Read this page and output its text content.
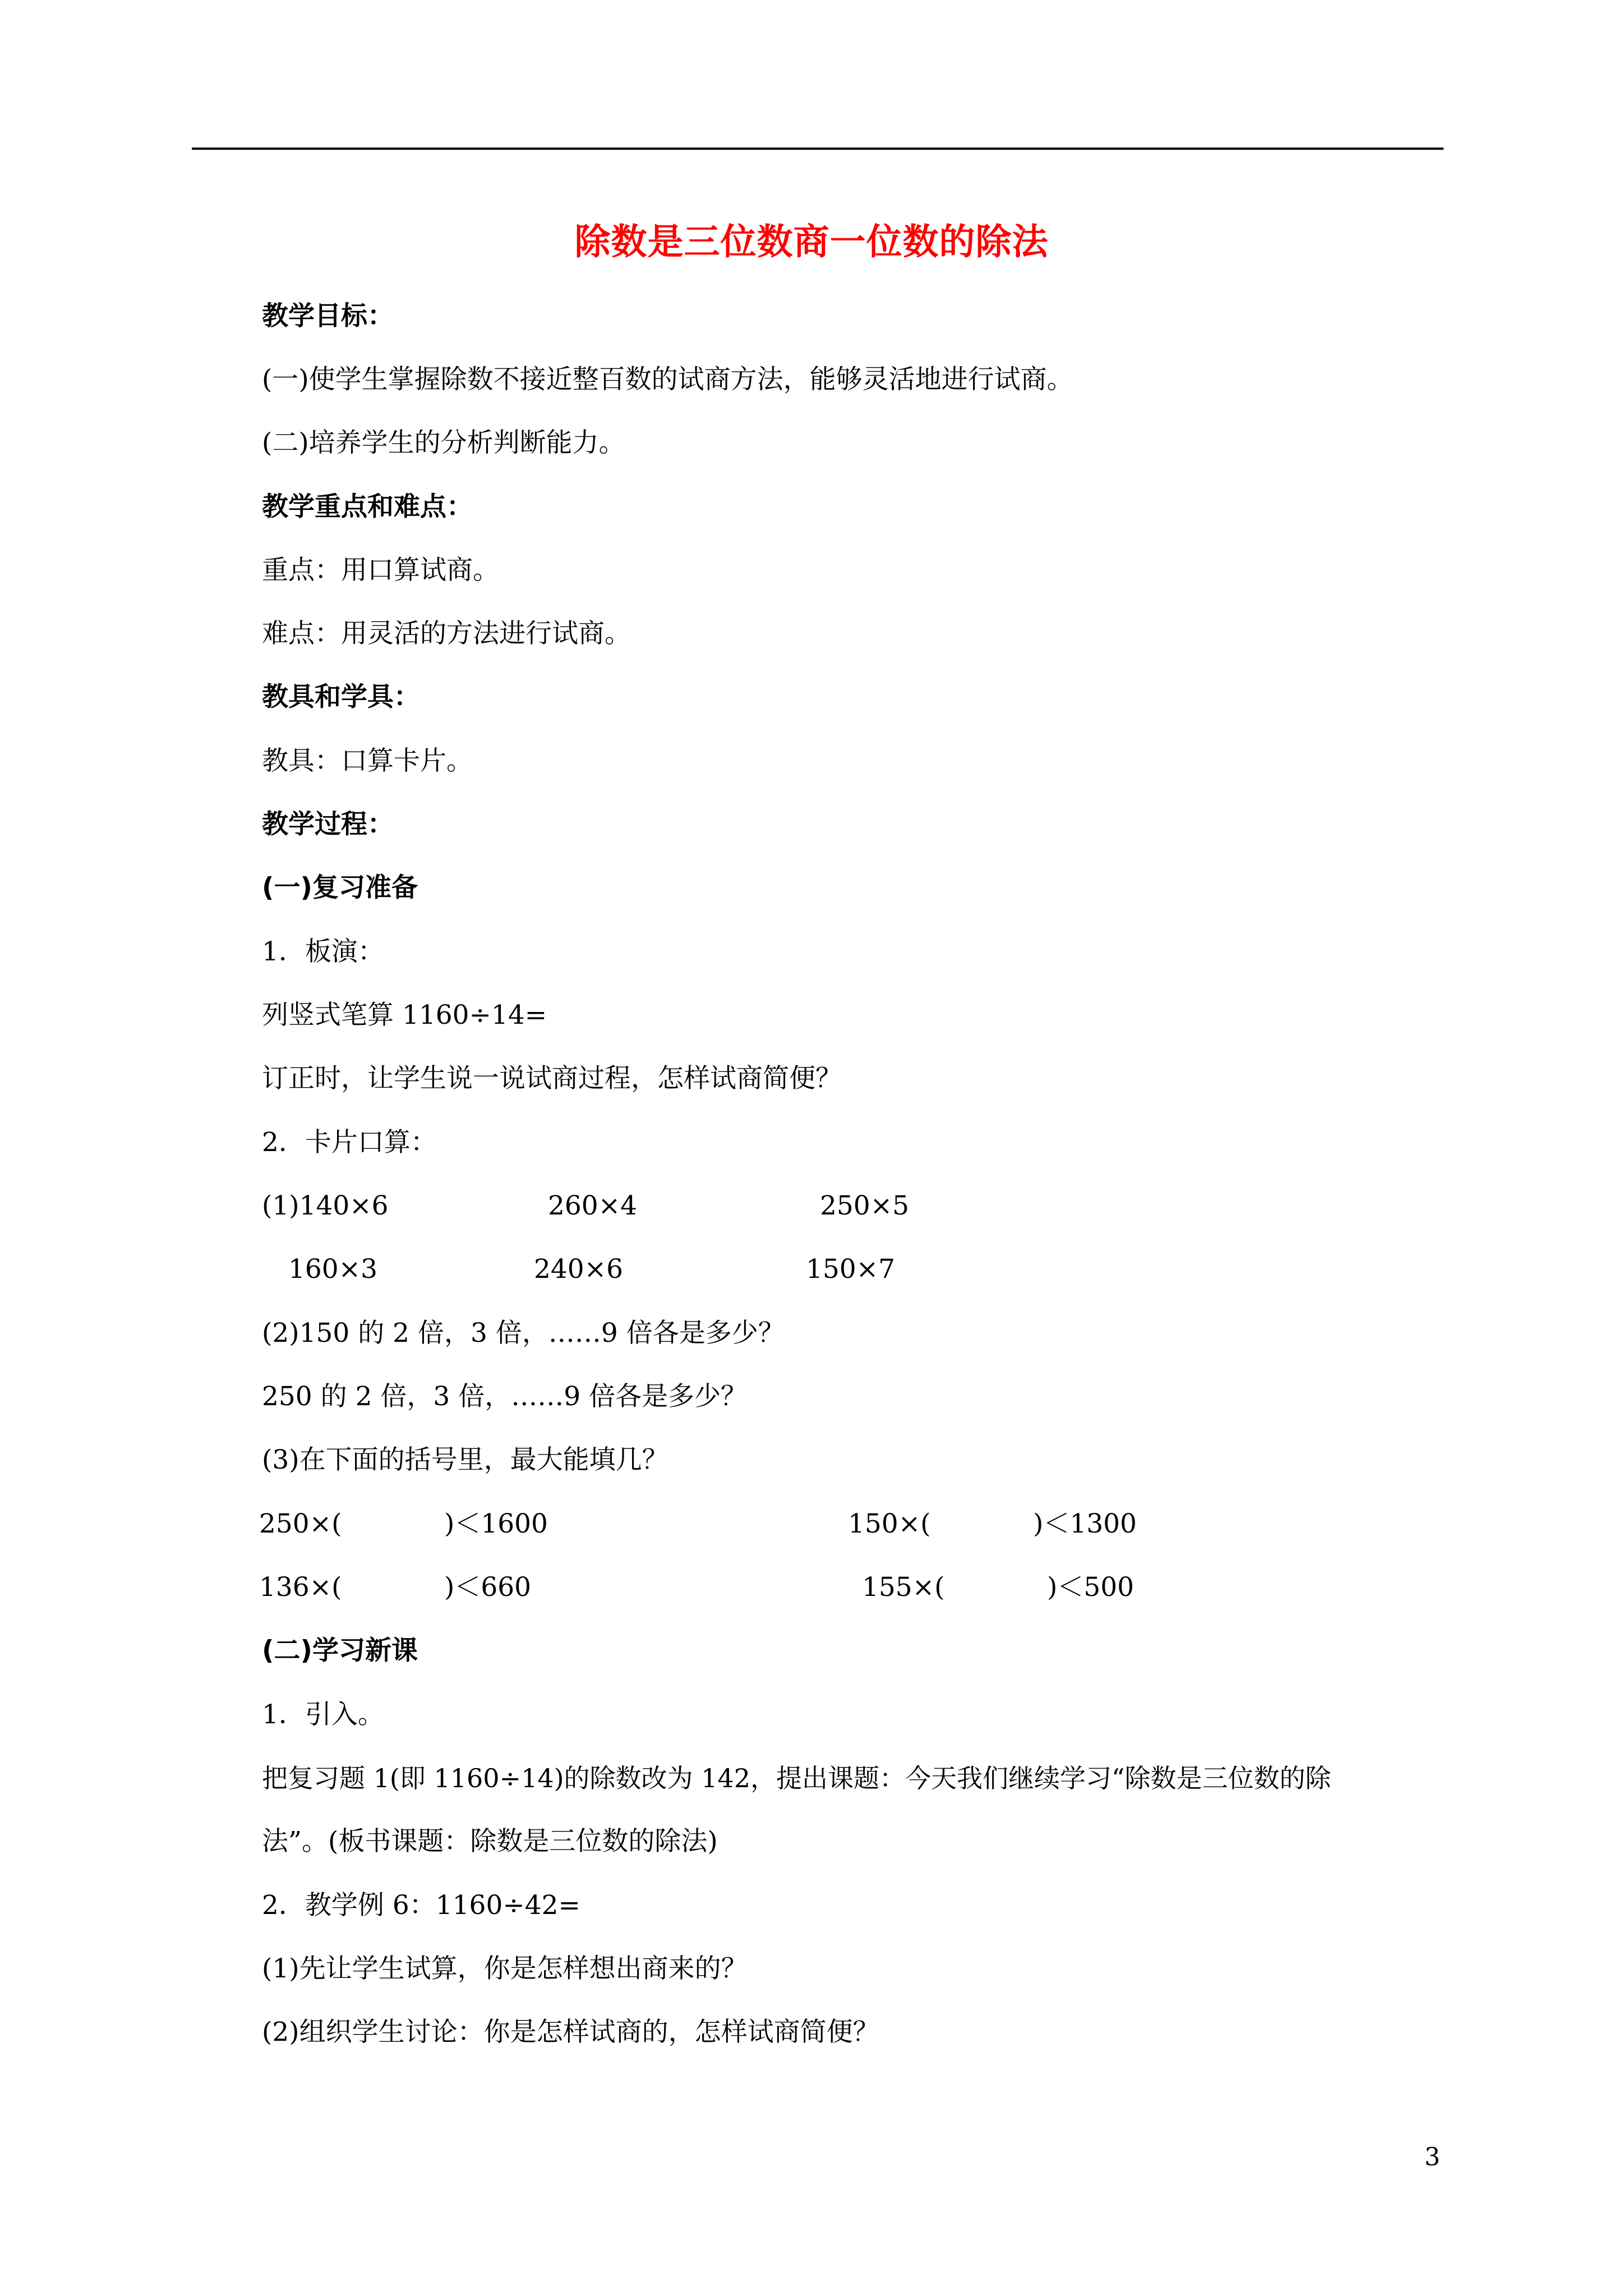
除数是三位数商一位数的除法
教学目标：
(一)使学生掌握除数不接近整百数的试商方法，能够灵活地进行试商。
(二)培养学生的分析判断能力。
教学重点和难点：
重点：用口算试商。
难点：用灵活的方法进行试商。
教具和学具：
教具：口算卡片。
教学过程：
(一)复习准备
1．板演：
列竖式笔算 1160÷14=
订正时，让学生说一说试商过程，怎样试商简便？
2．卡片口算：
(1)140×6	260×4	250×5
160×3	240×6	150×7
(2)150 的 2 倍，3 倍，……9 倍各是多少？
250 的 2 倍，3 倍，……9 倍各是多少？
(3)在下面的括号里，最大能填几？
250×(	)＜1600	150×(	)＜1300
136×(	)＜660	155×(	)＜500
(二)学习新课
1．引入。
把复习题 1(即 1160÷14)的除数改为 142，提出课题：今天我们继续学习“除数是三位数的除
法”。(板书课题：除数是三位数的除法)
2．教学例 6：1160÷42=
(1)先让学生试算，你是怎样想出商来的？
(2)组织学生讨论：你是怎样试商的，怎样试商简便？
3
